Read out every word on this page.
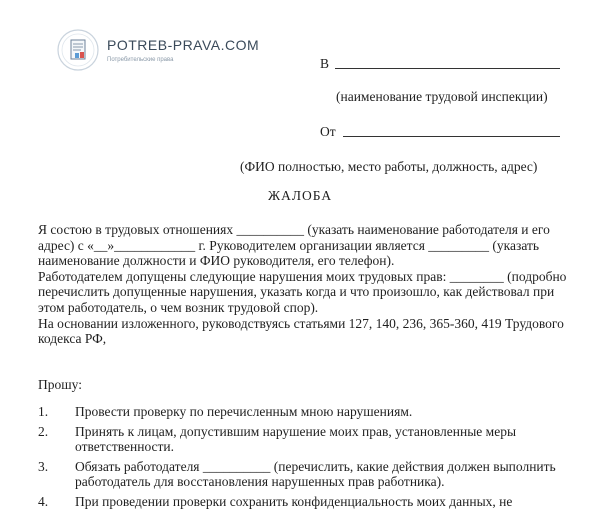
POTREB-PRAVA.COM
Потребительские права	В
(наименование трудовой инспекции)
От
(ФИО полностью, место работы, должность, адрес)
ЖАЛОБА

Я состою в трудовых отношениях __________ (указать наименование работодателя и его адрес) с «__»____________ г. Руководителем организации является _________ (указать наименование должности и ФИО руководителя, его телефон).

Работодателем допущены следующие нарушения моих трудовых прав: ________ (подробно перечислить допущенные нарушения, указать когда и что произошло, как действовал при этом работодатель, о чем возник трудовой спор).

На основании изложенного, руководствуясь статьями 127, 140, 236, 365-360, 419 Трудового кодекса РФ,

Прошу:
1.	Провести проверку по перечисленным мною нарушениям.
2.	Принять к лицам, допустившим нарушение моих прав, установленные меры ответственности.
3.	Обязать работодателя __________ (перечислить, какие действия должен выполнить работодатель для восстановления нарушенных прав работника).
4.	При проведении проверки сохранить конфиденциальность моих данных, не
